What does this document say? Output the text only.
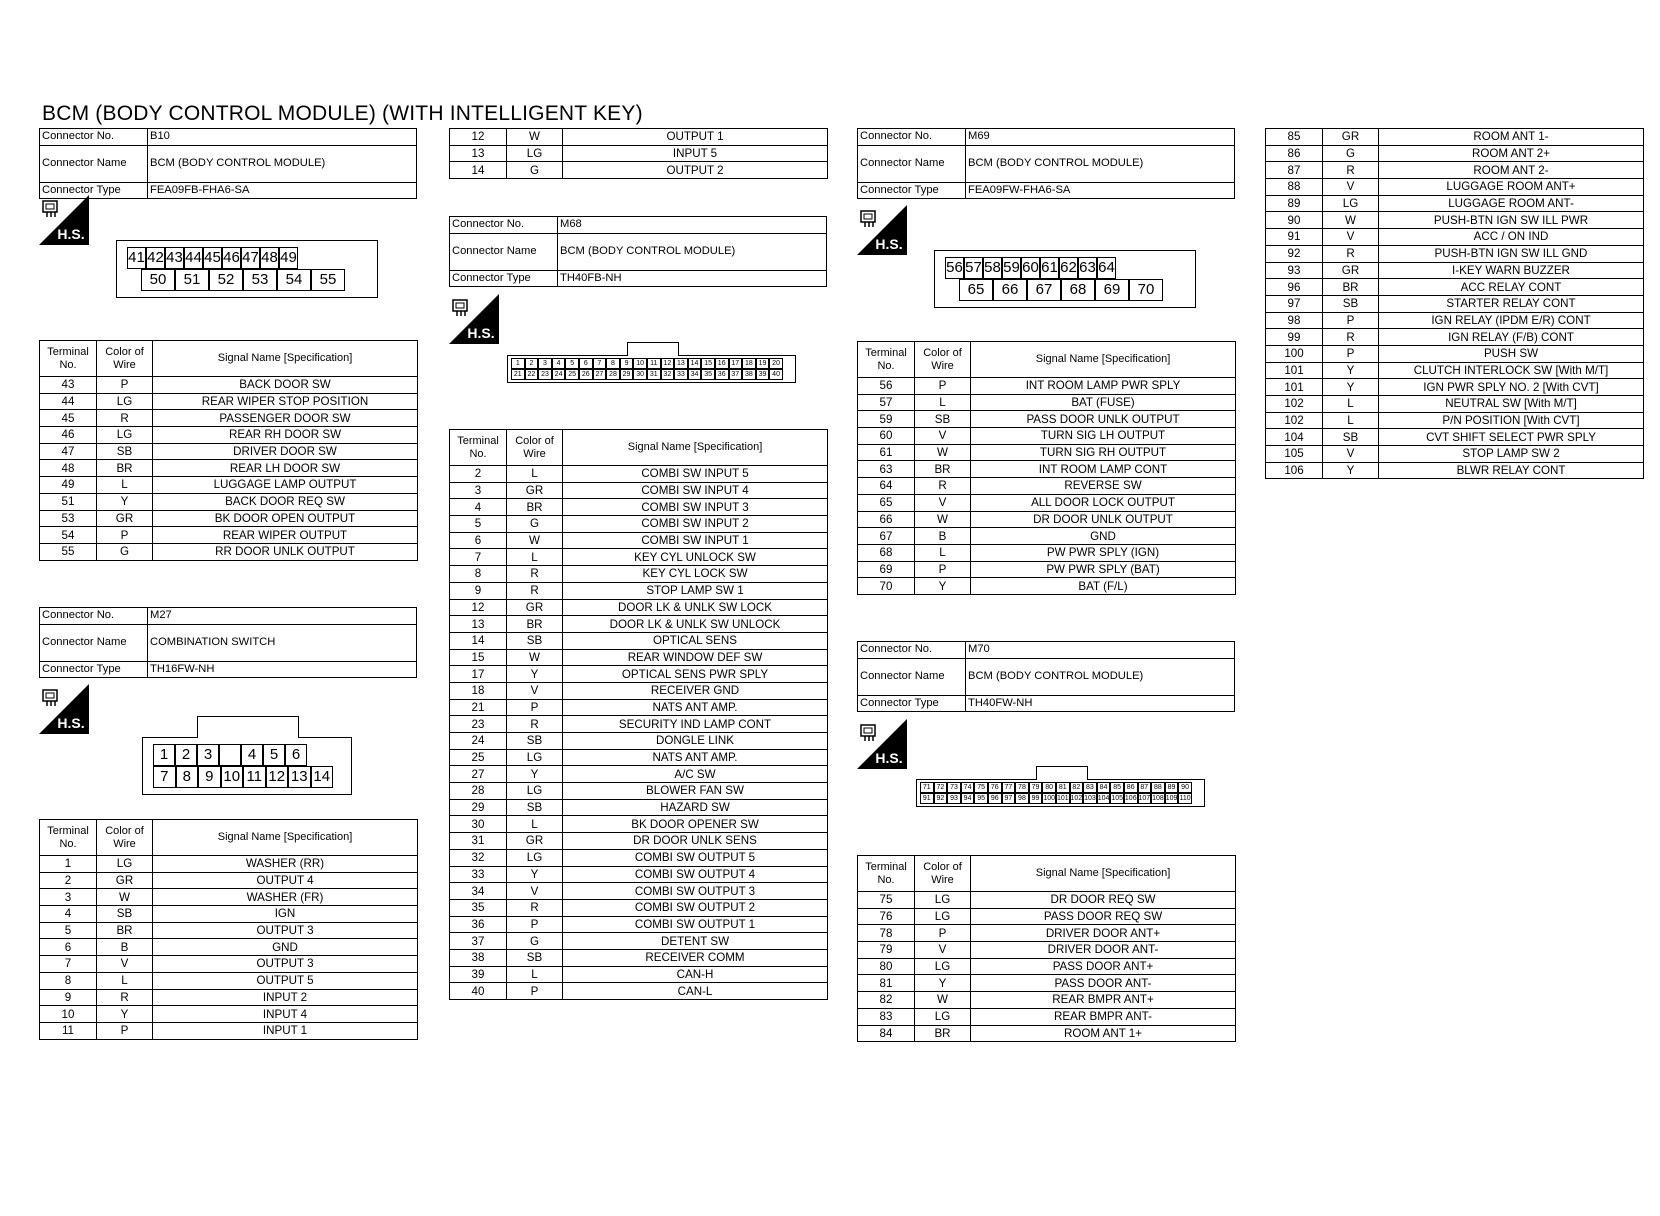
BCM (BODY CONTROL MODULE) (WITH INTELLIGENT KEY)
Connector No.	B10
Connector Name	BCM (BODY CONTROL MODULE)
Connector Type	FEA09FB-FHA6-SA
H.S.
41 42 43 44 45 46 47 48 49
50	51	52	53	54	55
Terminal No.	Color of Wire	Signal Name [Specification]
43	P	BACK DOOR SW
44	LG	REAR WIPER STOP POSITION
45	R	PASSENGER DOOR SW
46	LG	REAR RH DOOR SW
47	SB	DRIVER DOOR SW
48	BR	REAR LH DOOR SW
49	L	LUGGAGE LAMP OUTPUT
51	Y	BACK DOOR REQ SW
53	GR	BK DOOR OPEN OUTPUT
54	P	REAR WIPER OUTPUT
55	G	RR DOOR UNLK OUTPUT
Connector No.	M27
Connector Name	COMBINATION SWITCH
Connector Type	TH16FW-NH
H.S.
1 2 3	4 5 6
7 8 9 10 11 12 13 14
Terminal No.	Color of Wire	Signal Name [Specification]
1	LG	WASHER (RR)
2	GR	OUTPUT 4
3	W	WASHER (FR)
4	SB	IGN
5	BR	OUTPUT 3
6	B	GND
7	V	OUTPUT 3
8	L	OUTPUT 5
9	R	INPUT 2
10	Y	INPUT 4
11	P	INPUT 1
12	W	OUTPUT 1
13	LG	INPUT 5
14	G	OUTPUT 2
Connector No.	M68
Connector Name	BCM (BODY CONTROL MODULE)
Connector Type	TH40FB-NH
H.S.
1	2	3	4	5	6	7	8	9	10 11 12 13 14 15 16 17 18 19 20
21 22 23 24 25 26 27 28 29 30 31 32 33 34 35 36 37 38 39 40
Terminal No.	Color of Wire	Signal Name [Specification]
2	L	COMBI SW INPUT 5
3	GR	COMBI SW INPUT 4
4	BR	COMBI SW INPUT 3
5	G	COMBI SW INPUT 2
6	W	COMBI SW INPUT 1
7	L	KEY CYL UNLOCK SW
8	R	KEY CYL LOCK SW
9	R	STOP LAMP SW 1
12	GR	DOOR LK & UNLK SW LOCK
13	BR	DOOR LK & UNLK SW UNLOCK
14	SB	OPTICAL SENS
15	W	REAR WINDOW DEF SW
17	Y	OPTICAL SENS PWR SPLY
18	V	RECEIVER GND
21	P	NATS ANT AMP.
23	R	SECURITY IND LAMP CONT
24	SB	DONGLE LINK
25	LG	NATS ANT AMP.
27	Y	A/C SW
28	LG	BLOWER FAN SW
29	SB	HAZARD SW
30	L	BK DOOR OPENER SW
31	GR	DR DOOR UNLK SENS
32	LG	COMBI SW OUTPUT 5
33	Y	COMBI SW OUTPUT 4
34	V	COMBI SW OUTPUT 3
35	R	COMBI SW OUTPUT 2
36	P	COMBI SW OUTPUT 1
37	G	DETENT SW
38	SB	RECEIVER COMM
39	L	CAN-H
40	P	CAN-L
Connector No.	M69
Connector Name	BCM (BODY CONTROL MODULE)
Connector Type	FEA09FW-FHA6-SA
H.S.
56 57 58 59 60 61 62 63 64
65	66	67	68	69	70
Terminal No.	Color of Wire	Signal Name [Specification]
56	P	INT ROOM LAMP PWR SPLY
57	L	BAT (FUSE)
59	SB	PASS DOOR UNLK OUTPUT
60	V	TURN SIG LH OUTPUT
61	W	TURN SIG RH OUTPUT
63	BR	INT ROOM LAMP CONT
64	R	REVERSE SW
65	V	ALL DOOR LOCK OUTPUT
66	W	DR DOOR UNLK OUTPUT
67	B	GND
68	L	PW PWR SPLY (IGN)
69	P	PW PWR SPLY (BAT)
70	Y	BAT (F/L)
Connector No.	M70
Connector Name	BCM (BODY CONTROL MODULE)
Connector Type	TH40FW-NH
H.S.
71 72 73 74 75 76 77 78 79 80 81 82 83 84 85 86 87 88 89 90
91 92 93 94 95 96 97 98 99 100 101 102 103 104 105 106 107 108 109 110
Terminal No.	Color of Wire	Signal Name [Specification]
75	LG	DR DOOR REQ SW
76	LG	PASS DOOR REQ SW
78	P	DRIVER DOOR ANT+
79	V	DRIVER DOOR ANT-
80	LG	PASS DOOR ANT+
81	Y	PASS DOOR ANT-
82	W	REAR BMPR ANT+
83	LG	REAR BMPR ANT-
84	BR	ROOM ANT 1+
85	GR	ROOM ANT 1-
86	G	ROOM ANT 2+
87	R	ROOM ANT 2-
88	V	LUGGAGE ROOM ANT+
89	LG	LUGGAGE ROOM ANT-
90	W	PUSH-BTN IGN SW ILL PWR
91	V	ACC / ON IND
92	R	PUSH-BTN IGN SW ILL GND
93	GR	I-KEY WARN BUZZER
96	BR	ACC RELAY CONT
97	SB	STARTER RELAY CONT
98	P	IGN RELAY (IPDM E/R) CONT
99	R	IGN RELAY (F/B) CONT
100	P	PUSH SW
101	Y	CLUTCH INTERLOCK SW [With M/T]
101	Y	IGN PWR SPLY NO. 2 [With CVT]
102	L	NEUTRAL SW [With M/T]
102	L	P/N POSITION [With CVT]
104	SB	CVT SHIFT SELECT PWR SPLY
105	V	STOP LAMP SW 2
106	Y	BLWR RELAY CONT
